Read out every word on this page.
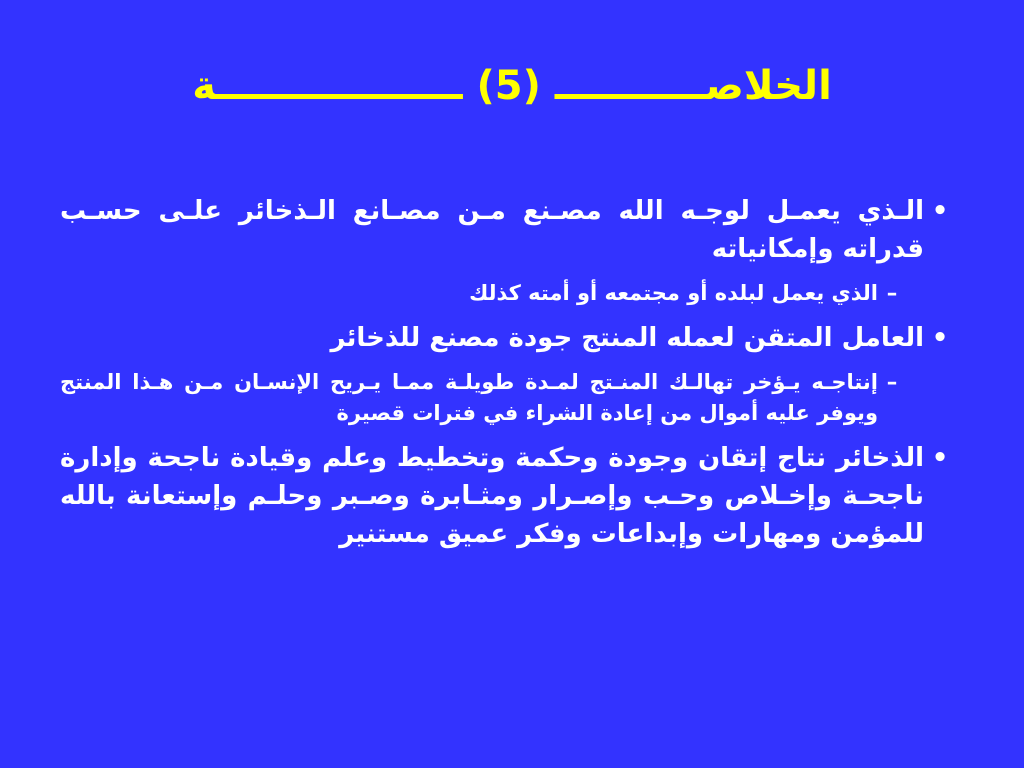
الخلاصـــــــــــ (5) ــــــــــــــــــة
•
الـذي يعمـل لوجـه الله مصـنع مـن مصـانع الـذخائر علـى حسـب قدراته وإمكانياته
–
الذي يعمل لبلده أو مجتمعه أو أمته كذلك
•
العامل المتقن لعمله المنتج جودة مصنع للذخائر
–
إنتاجـه يـؤخر تهالـك المنـتج لمـدة طويلـة ممـا يـريح الإنسـان مـن هـذا المنتج ويوفر عليه أموال من إعادة الشراء في فترات قصيرة
•
الذخائر نتاج إتقان وجودة وحكمة وتخطيط وعلم وقيادة ناجحة وإدارة ناجحـة وإخـلاص وحـب وإصـرار ومثـابرة وصـبر وحلـم وإستعانة بالله للمؤمن ومهارات وإبداعات وفكر عميق مستنير
